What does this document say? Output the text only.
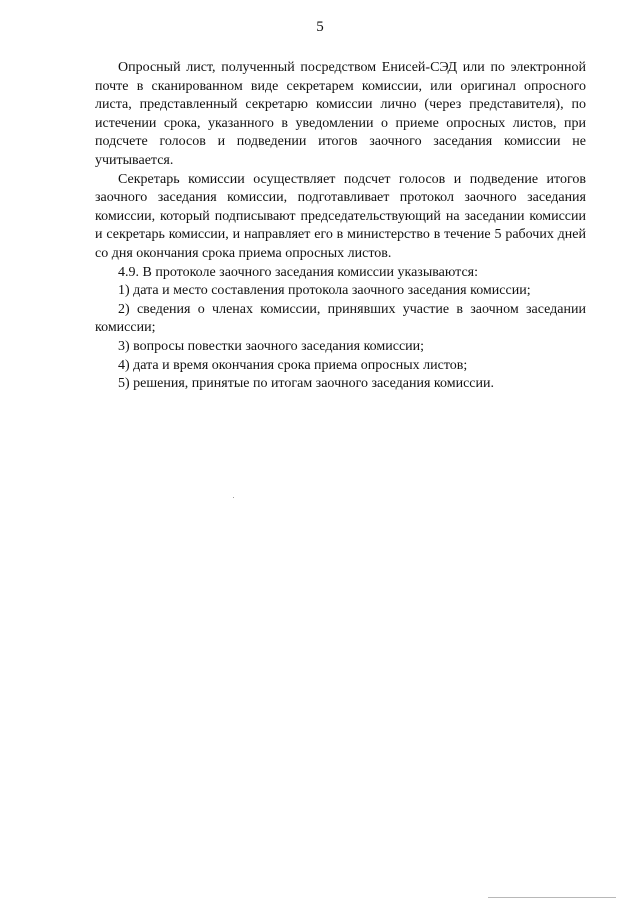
5

Опросный лист, полученный посредством Енисей-СЭД или по электронной почте в сканированном виде секретарем комиссии, или оригинал опросного листа, представленный секретарю комиссии лично (через представителя), по истечении срока, указанного в уведомлении о приеме опросных листов, при подсчете голосов и подведении итогов заочного заседания комиссии не учитывается.

Секретарь комиссии осуществляет подсчет голосов и подведение итогов заочного заседания комиссии, подготавливает протокол заочного заседания комиссии, который подписывают председательствующий на заседании комиссии и секретарь комиссии, и направляет его в министерство в течение 5 рабочих дней со дня окончания срока приема опросных листов.

4.9. В протоколе заочного заседания комиссии указываются:

1) дата и место составления протокола заочного заседания комиссии;

2) сведения о членах комиссии, принявших участие в заочном заседании комиссии;

3) вопросы повестки заочного заседания комиссии;

4) дата и время окончания срока приема опросных листов;

5) решения, принятые по итогам заочного заседания комиссии.
